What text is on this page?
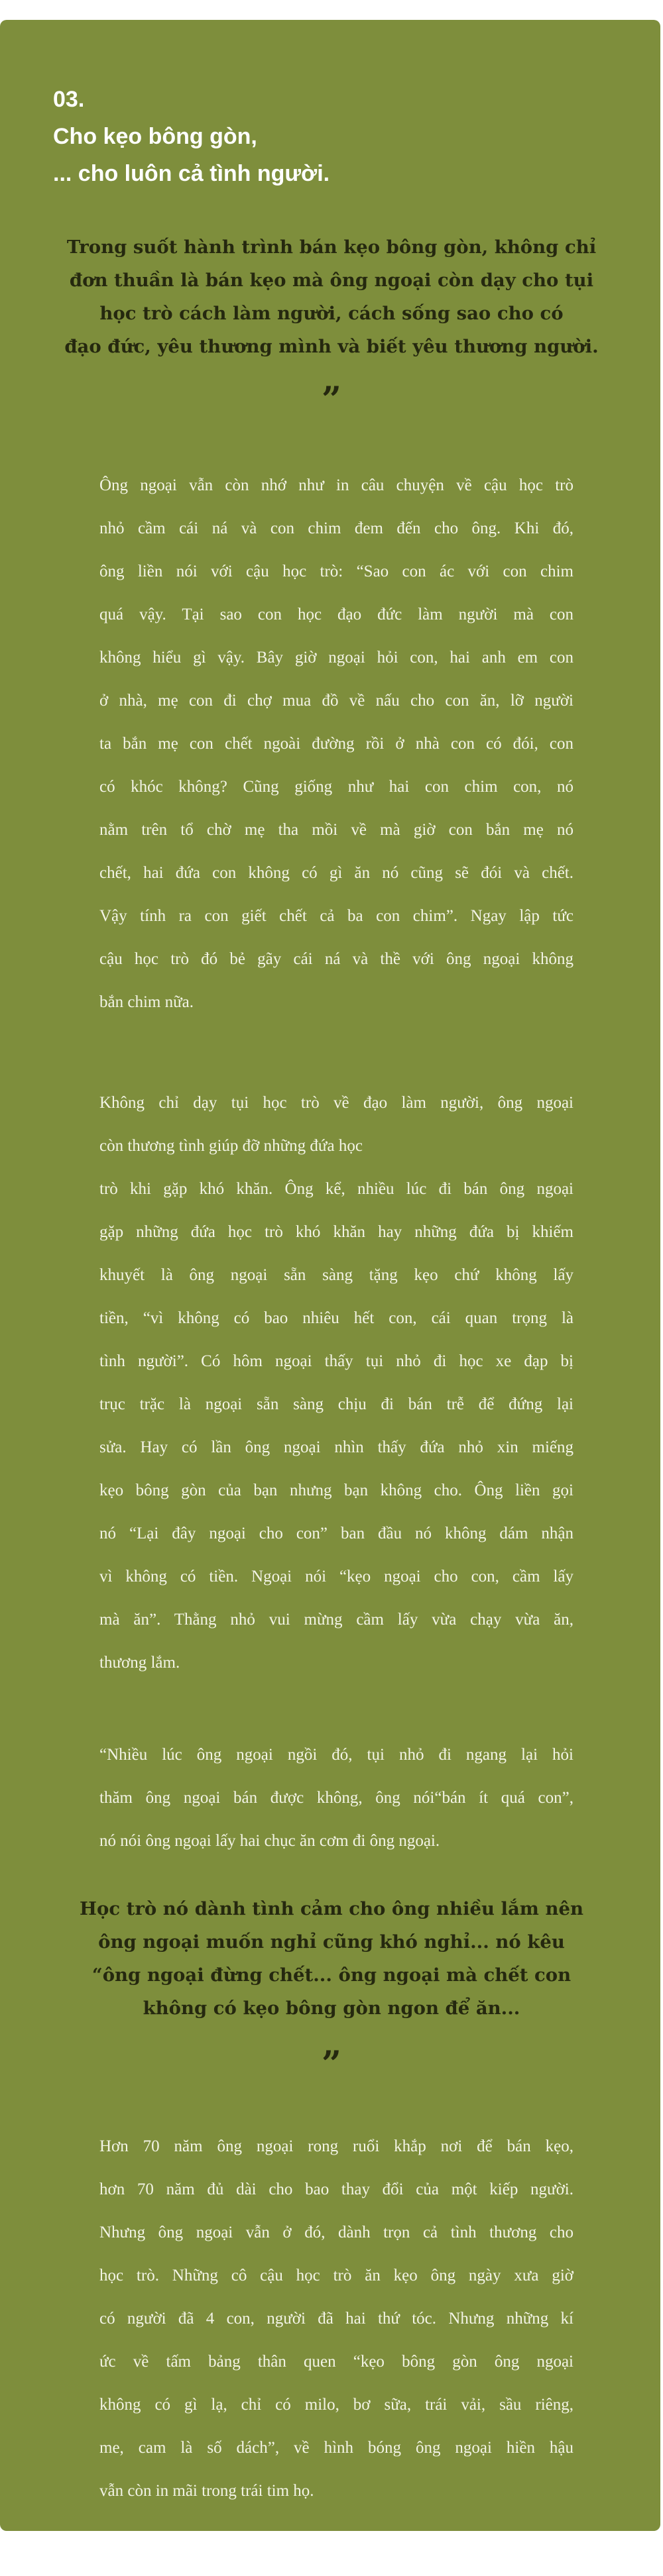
03.
Cho kẹo bông gòn,
... cho luôn cả tình người.
Trong suốt hành trình bán kẹo bông gòn, không chỉ
đơn thuần là bán kẹo mà ông ngoại còn dạy cho tụi
học trò cách làm người, cách sống sao cho có
đạo đức, yêu thương mình và biết yêu thương người.
”
Ông ngoại vẫn còn nhớ như in câu chuyện về cậu học trò
nhỏ cầm cái ná và con chim đem đến cho ông. Khi đó,
ông liền nói với cậu học trò: “Sao con ác với con chim
quá vậy. Tại sao con học đạo đức làm người mà con
không hiểu gì vậy. Bây giờ ngoại hỏi con, hai anh em con
ở nhà, mẹ con đi chợ mua đồ về nấu cho con ăn, lỡ người
ta bắn mẹ con chết ngoài đường rồi ở nhà con có đói, con
có khóc không? Cũng giống như hai con chim con, nó
nằm trên tổ chờ mẹ tha mồi về mà giờ con bắn mẹ nó
chết, hai đứa con không có gì ăn nó cũng sẽ đói và chết.
Vậy tính ra con giết chết cả ba con chim”. Ngay lập tức
cậu học trò đó bẻ gãy cái ná và thề với ông ngoại không
bắn chim nữa.
Không chỉ dạy tụi học trò về đạo làm người, ông ngoại
còn thương tình giúp đỡ những đứa học
trò khi gặp khó khăn. Ông kể, nhiều lúc đi bán ông ngoại
gặp những đứa học trò khó khăn hay những đứa bị khiếm
khuyết là ông ngoại sẵn sàng tặng kẹo chứ không lấy
tiền, “vì không có bao nhiêu hết con, cái quan trọng là
tình người”. Có hôm ngoại thấy tụi nhỏ đi học xe đạp bị
trục trặc là ngoại sẵn sàng chịu đi bán trễ để đứng lại
sửa. Hay có lần ông ngoại nhìn thấy đứa nhỏ xin miếng
kẹo bông gòn của bạn nhưng bạn không cho. Ông liền gọi
nó “Lại đây ngoại cho con” ban đầu nó không dám nhận
vì không có tiền. Ngoại nói “kẹo ngoại cho con, cầm lấy
mà ăn”. Thằng nhỏ vui mừng cầm lấy vừa chạy vừa ăn,
thương lắm.
“Nhiều lúc ông ngoại ngồi đó, tụi nhỏ đi ngang lại hỏi
thăm ông ngoại bán được không, ông nói“bán ít quá con”,
nó nói ông ngoại lấy hai chục ăn cơm đi ông ngoại.
Học trò nó dành tình cảm cho ông nhiều lắm nên
ông ngoại muốn nghỉ cũng khó nghỉ... nó kêu
“ông ngoại đừng chết... ông ngoại mà chết con
không có kẹo bông gòn ngon để ăn...
”
Hơn 70 năm ông ngoại rong ruổi khắp nơi để bán kẹo,
hơn 70 năm đủ dài cho bao thay đổi của một kiếp người.
Nhưng ông ngoại vẫn ở đó, dành trọn cả tình thương cho
học trò. Những cô cậu học trò ăn kẹo ông ngày xưa giờ
có người đã 4 con, người đã hai thứ tóc. Nhưng những kí
ức về tấm bảng thân quen “kẹo bông gòn ông ngoại
không có gì lạ, chỉ có milo, bơ sữa, trái vải, sầu riêng,
me, cam là số dách”, về hình bóng ông ngoại hiền hậu
vẫn còn in mãi trong trái tim họ.
